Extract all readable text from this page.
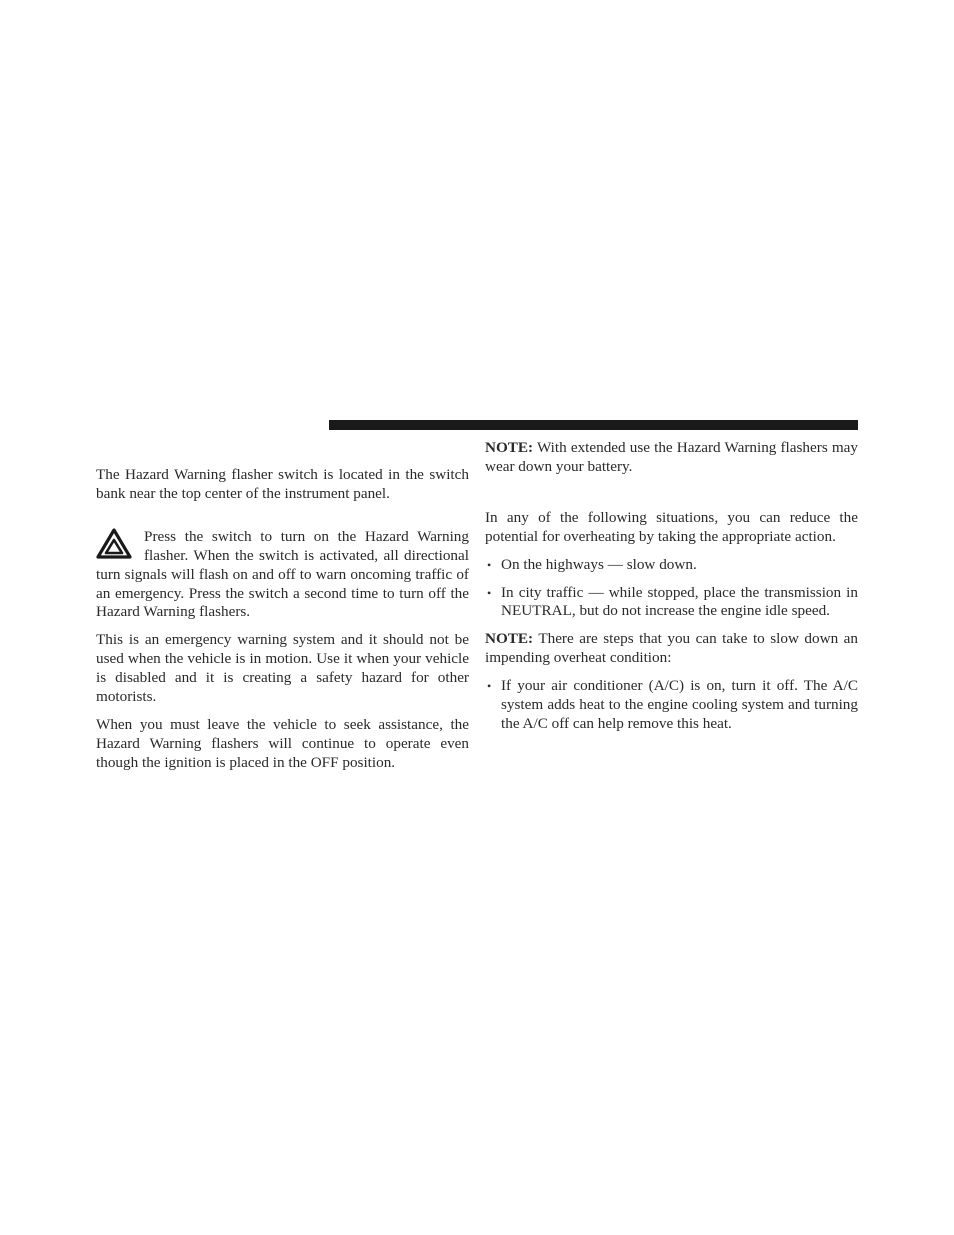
The Hazard Warning flasher switch is located in the switch bank near the top center of the instrument panel.

Press the switch to turn on the Hazard Warning flasher. When the switch is activated, all directional turn signals will flash on and off to warn oncoming traffic of an emergency. Press the switch a second time to turn off the Hazard Warning flashers.

This is an emergency warning system and it should not be used when the vehicle is in motion. Use it when your vehicle is disabled and it is creating a safety hazard for other motorists.

When you must leave the vehicle to seek assistance, the Hazard Warning flashers will continue to operate even though the ignition is placed in the OFF position.

NOTE: With extended use the Hazard Warning flashers may wear down your battery.

In any of the following situations, you can reduce the potential for overheating by taking the appropriate action.

• On the highways — slow down.
• In city traffic — while stopped, place the transmission in NEUTRAL, but do not increase the engine idle speed.

NOTE: There are steps that you can take to slow down an impending overheat condition:

• If your air conditioner (A/C) is on, turn it off. The A/C system adds heat to the engine cooling system and turning the A/C off can help remove this heat.
